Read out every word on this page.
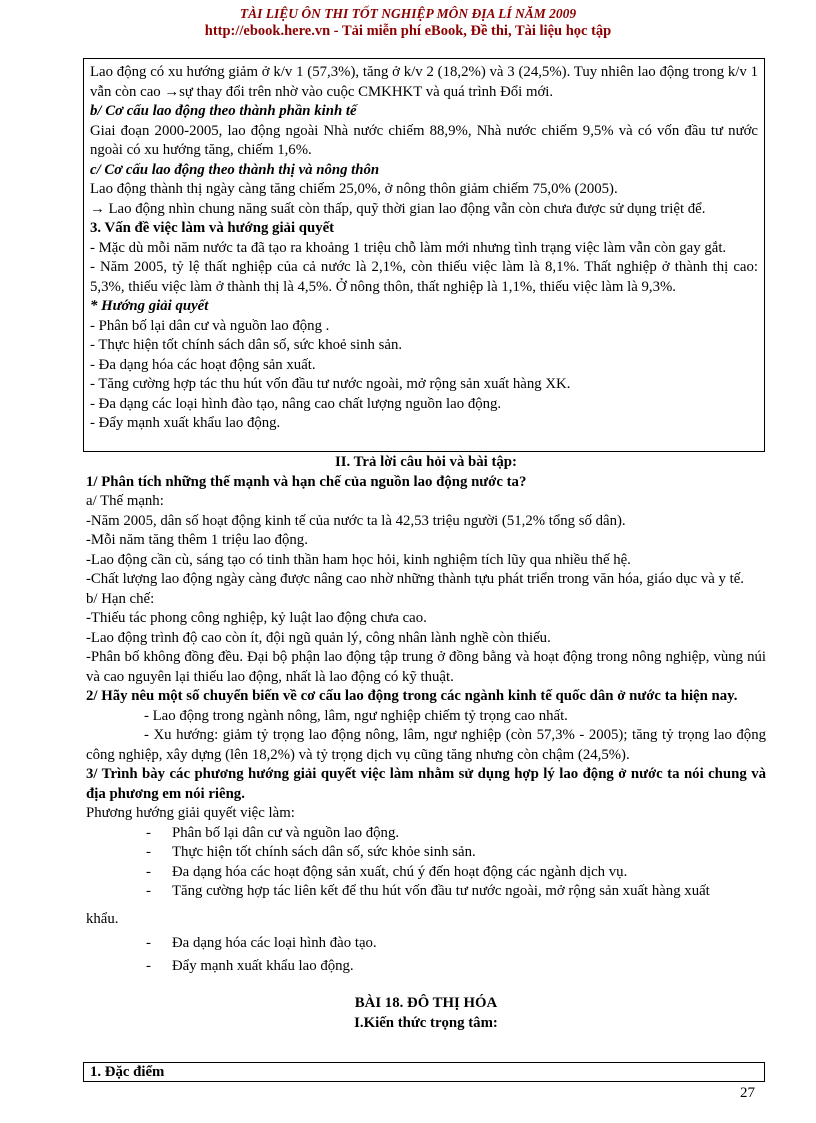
TÀI LIỆU ÔN THI TỐT NGHIỆP MÔN ĐỊA LÍ NĂM 2009
http://ebook.here.vn - Tải miễn phí eBook, Đề thi, Tài liệu học tập

Lao động có xu hướng giảm ở k/v 1 (57,3%), tăng ở k/v 2 (18,2%) và 3 (24,5%). Tuy nhiên lao động trong k/v 1 vẫn còn cao →sự thay đổi trên nhờ vào cuộc CMKHKT và quá trình Đổi mới.

b/ Cơ cấu lao động theo thành phần kinh tế

Giai đoạn 2000-2005, lao động ngoài Nhà nước chiếm 88,9%, Nhà nước chiếm 9,5% và có vốn đầu tư nước ngoài có xu hướng tăng, chiếm 1,6%.

c/ Cơ cấu lao động theo thành thị và nông thôn

Lao động thành thị ngày càng tăng chiếm 25,0%, ở nông thôn giảm chiếm 75,0% (2005).

→ Lao động nhìn chung năng suất còn thấp, quỹ thời gian lao động vẫn còn chưa được sử dụng triệt để.

3. Vấn đề việc làm và hướng giải quyết

- Mặc dù mỗi năm nước ta đã tạo ra khoảng 1 triệu chỗ làm mới nhưng tình trạng việc làm vẫn còn gay gắt.

- Năm 2005, tỷ lệ thất nghiệp của cả nước là 2,1%, còn thiếu việc làm là 8,1%. Thất nghiệp ở thành thị cao: 5,3%, thiếu việc làm ở thành thị là 4,5%. Ở nông thôn, thất nghiệp là 1,1%, thiếu việc làm là 9,3%.

* Hướng giải quyết

- Phân bố lại dân cư và nguồn lao động .

- Thực hiện tốt chính sách dân số, sức khoẻ sinh sản.

- Đa dạng hóa các hoạt động sản xuất.

- Tăng cường hợp tác thu hút vốn đầu tư nước ngoài, mở rộng sản xuất hàng XK.

- Đa dạng các loại hình đào tạo, nâng cao chất lượng nguồn lao động.

- Đẩy mạnh xuất khẩu lao động.

II. Trả lời câu hỏi và bài tập:

1/ Phân tích những thế mạnh và hạn chế của nguồn lao động nước ta?

a/ Thế mạnh:

-Năm 2005, dân số hoạt động kinh tế của nước ta là 42,53 triệu người (51,2% tổng số dân).

-Mỗi năm tăng thêm 1 triệu lao động.

-Lao động cần cù, sáng tạo có tinh thần ham học hỏi, kinh nghiệm tích lũy qua nhiều thế hệ.

-Chất lượng lao động ngày càng được nâng cao nhờ những thành tựu phát triển trong văn hóa, giáo dục và y tế.

b/ Hạn chế:

-Thiếu tác phong công nghiệp, kỷ luật lao động chưa cao.

-Lao động trình độ cao còn ít, đội ngũ quản lý, công nhân lành nghề còn thiếu.

-Phân bố không đồng đều. Đại bộ phận lao động tập trung ở đồng bằng và hoạt động trong nông nghiệp, vùng núi và cao nguyên lại thiếu lao động, nhất là lao động có kỹ thuật.

2/ Hãy nêu một số chuyển biến về cơ cấu lao động trong các ngành kinh tế quốc dân ở nước ta hiện nay.

- Lao động trong ngành nông, lâm, ngư nghiệp chiếm tỷ trọng cao nhất.

- Xu hướng: giảm tỷ trọng lao động nông, lâm, ngư nghiệp (còn 57,3% - 2005); tăng tỷ trọng lao động công nghiệp, xây dựng (lên 18,2%) và tỷ trọng dịch vụ cũng tăng nhưng còn chậm (24,5%).

3/ Trình bày các phương hướng giải quyết việc làm nhằm sử dụng hợp lý lao động ở nước ta nói chung và địa phương em nói riêng.

Phương hướng giải quyết việc làm:

-	Phân bố lại dân cư và nguồn lao động.

-	Thực hiện tốt chính sách dân số, sức khỏe sinh sản.

-	Đa dạng hóa các hoạt động sản xuất, chú ý đến hoạt động các ngành dịch vụ.

-	Tăng cường hợp tác liên kết để thu hút vốn đầu tư nước ngoài, mở rộng sản xuất hàng xuất

khẩu.

-	Đa dạng hóa các loại hình đào tạo.

-	Đẩy mạnh xuất khẩu lao động.

BÀI 18. ĐÔ THỊ HÓA

I.Kiến thức trọng tâm:

1. Đặc điểm
27
